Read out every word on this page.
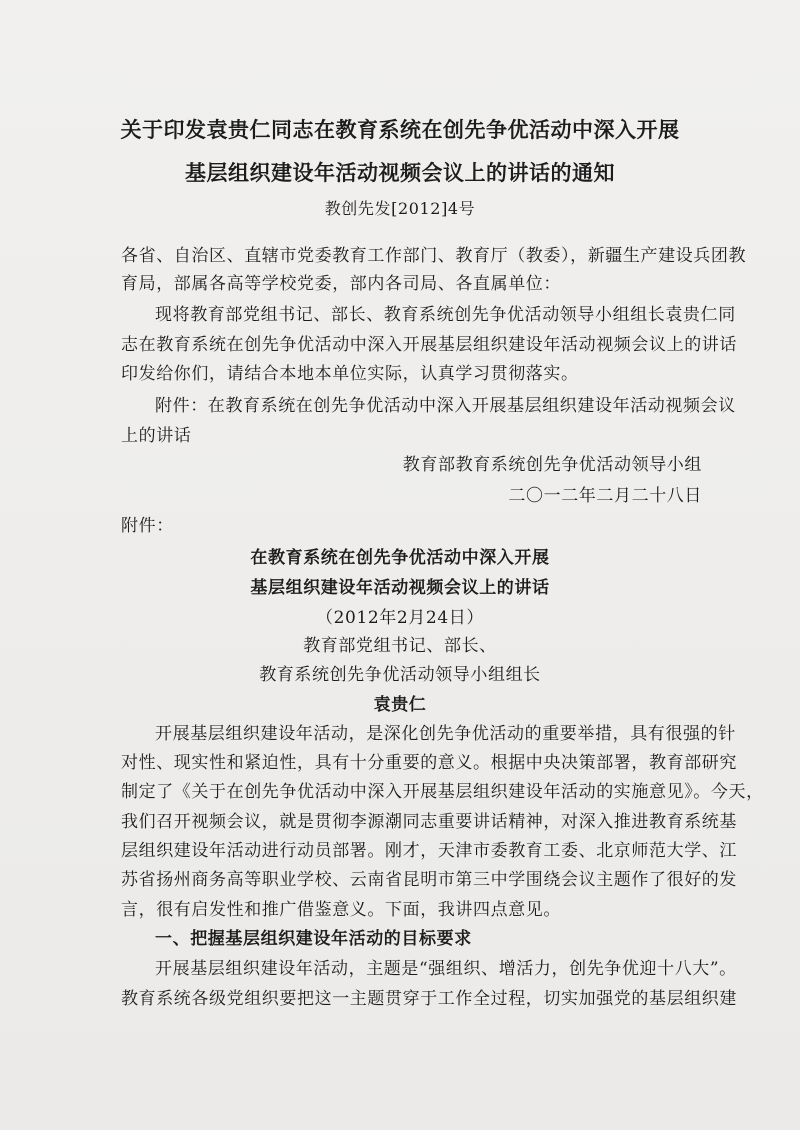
关于印发袁贵仁同志在教育系统在创先争优活动中深入开展
基层组织建设年活动视频会议上的讲话的通知
教创先发[2012]4号
各省、自治区、直辖市党委教育工作部门、教育厅（教委），新疆生产建设兵团教
育局，部属各高等学校党委，部内各司局、各直属单位：
现将教育部党组书记、部长、教育系统创先争优活动领导小组组长袁贵仁同
志在教育系统在创先争优活动中深入开展基层组织建设年活动视频会议上的讲话
印发给你们，请结合本地本单位实际，认真学习贯彻落实。
附件：在教育系统在创先争优活动中深入开展基层组织建设年活动视频会议
上的讲话
教育部教育系统创先争优活动领导小组
二〇一二年二月二十八日
附件：
在教育系统在创先争优活动中深入开展
基层组织建设年活动视频会议上的讲话
（2012年2月24日）
教育部党组书记、部长、
教育系统创先争优活动领导小组组长
袁贵仁
开展基层组织建设年活动，是深化创先争优活动的重要举措，具有很强的针
对性、现实性和紧迫性，具有十分重要的意义。根据中央决策部署，教育部研究
制定了《关于在创先争优活动中深入开展基层组织建设年活动的实施意见》。今天，
我们召开视频会议，就是贯彻李源潮同志重要讲话精神，对深入推进教育系统基
层组织建设年活动进行动员部署。刚才，天津市委教育工委、北京师范大学、江
苏省扬州商务高等职业学校、云南省昆明市第三中学围绕会议主题作了很好的发
言，很有启发性和推广借鉴意义。下面，我讲四点意见。
一、把握基层组织建设年活动的目标要求
开展基层组织建设年活动，主题是“强组织、增活力，创先争优迎十八大”。
教育系统各级党组织要把这一主题贯穿于工作全过程，切实加强党的基层组织建
